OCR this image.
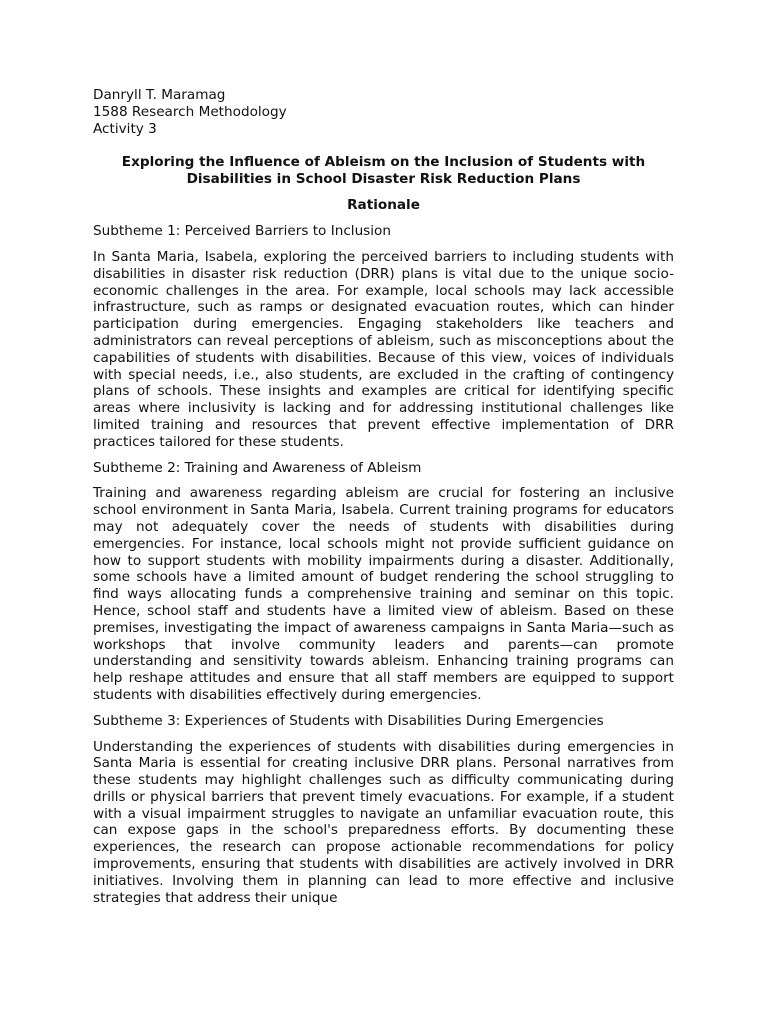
Danryll T. Maramag
1588 Research Methodology
Activity 3
Exploring the Influence of Ableism on the Inclusion of Students with Disabilities in School Disaster Risk Reduction Plans
Rationale
Subtheme 1: Perceived Barriers to Inclusion
In Santa Maria, Isabela, exploring the perceived barriers to including students with disabilities in disaster risk reduction (DRR) plans is vital due to the unique socio-economic challenges in the area. For example, local schools may lack accessible infrastructure, such as ramps or designated evacuation routes, which can hinder participation during emergencies. Engaging stakeholders like teachers and administrators can reveal perceptions of ableism, such as misconceptions about the capabilities of students with disabilities. Because of this view, voices of individuals with special needs, i.e., also students, are excluded in the crafting of contingency plans of schools. These insights and examples are critical for identifying specific areas where inclusivity is lacking and for addressing institutional challenges like limited training and resources that prevent effective implementation of DRR practices tailored for these students.
Subtheme 2: Training and Awareness of Ableism
Training and awareness regarding ableism are crucial for fostering an inclusive school environment in Santa Maria, Isabela. Current training programs for educators may not adequately cover the needs of students with disabilities during emergencies. For instance, local schools might not provide sufficient guidance on how to support students with mobility impairments during a disaster. Additionally, some schools have a limited amount of budget rendering the school struggling to find ways allocating funds a comprehensive training and seminar on this topic. Hence, school staff and students have a limited view of ableism. Based on these premises, investigating the impact of awareness campaigns in Santa Maria—such as workshops that involve community leaders and parents—can promote understanding and sensitivity towards ableism. Enhancing training programs can help reshape attitudes and ensure that all staff members are equipped to support students with disabilities effectively during emergencies.
Subtheme 3: Experiences of Students with Disabilities During Emergencies
Understanding the experiences of students with disabilities during emergencies in Santa Maria is essential for creating inclusive DRR plans. Personal narratives from these students may highlight challenges such as difficulty communicating during drills or physical barriers that prevent timely evacuations. For example, if a student with a visual impairment struggles to navigate an unfamiliar evacuation route, this can expose gaps in the school's preparedness efforts. By documenting these experiences, the research can propose actionable recommendations for policy improvements, ensuring that students with disabilities are actively involved in DRR initiatives. Involving them in planning can lead to more effective and inclusive strategies that address their unique
